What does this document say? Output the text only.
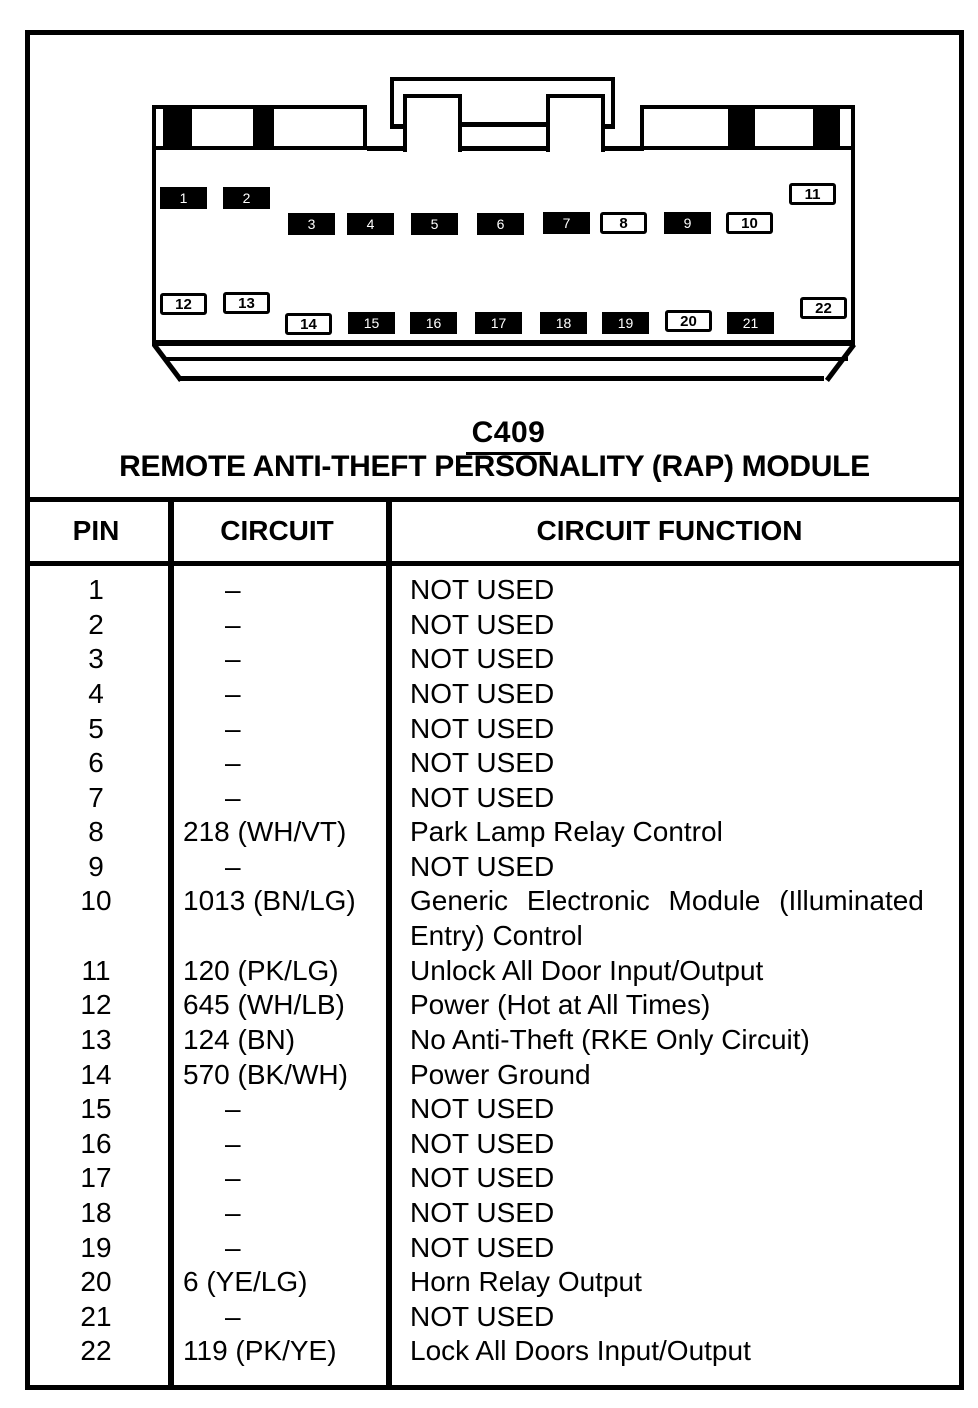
1	2
3	4	5	6	7	8	9	10
11
12	13
14	15	16	17	18	19	20	21
22
C409
REMOTE ANTI-THEFT PERSONALITY (RAP) MODULE
PIN	CIRCUIT	CIRCUIT FUNCTION
1	–	NOT USED
2	–	NOT USED
3	–	NOT USED
4	–	NOT USED
5	–	NOT USED
6	–	NOT USED
7	–	NOT USED
8	218 (WH/VT)	Park Lamp Relay Control
9	–	NOT USED
10	1013 (BN/LG)	Generic Electronic Module (Illuminated
Entry) Control
11	120 (PK/LG)	Unlock All Door Input/Output
12	645 (WH/LB)	Power (Hot at All Times)
13	124 (BN)	No Anti-Theft (RKE Only Circuit)
14	570 (BK/WH)	Power Ground
15	–	NOT USED
16	–	NOT USED
17	–	NOT USED
18	–	NOT USED
19	–	NOT USED
20	6 (YE/LG)	Horn Relay Output
21	–	NOT USED
22	119 (PK/YE)	Lock All Doors Input/Output
